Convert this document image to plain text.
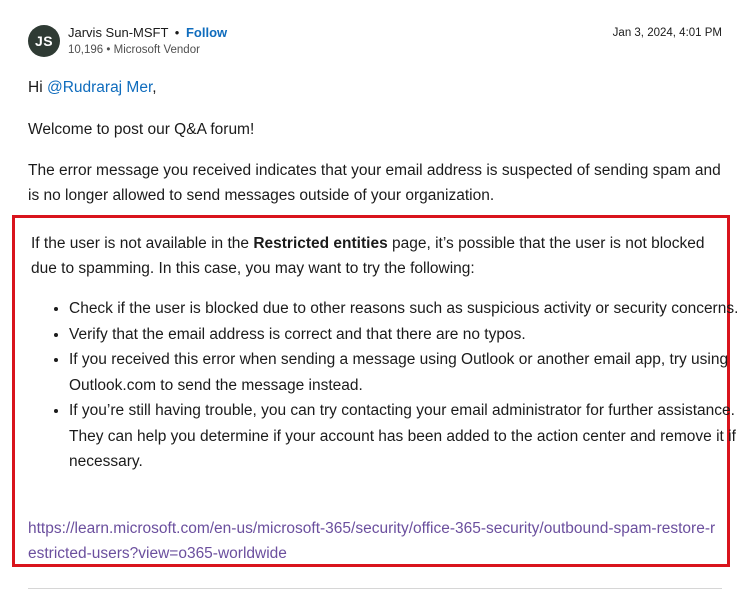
JS
Jarvis Sun-MSFT • Follow
10,196 • Microsoft Vendor
Jan 3, 2024, 4:01 PM

Hi @Rudraraj Mer,

Welcome to post our Q&A forum!

The error message you received indicates that your email address is suspected of sending spam and is no longer allowed to send messages outside of your organization.

If the user is not available in the Restricted entities page, it’s possible that the user is not blocked due to spamming. In this case, you may want to try the following:

• Check if the user is blocked due to other reasons such as suspicious activity or security concerns.
• Verify that the email address is correct and that there are no typos.
• If you received this error when sending a message using Outlook or another email app, try using Outlook.com to send the message instead.
• If you’re still having trouble, you can try contacting your email administrator for further assistance. They can help you determine if your account has been added to the action center and remove it if necessary.
https://learn.microsoft.com/en-us/microsoft-365/security/office-365-security/outbound-spam-restore-restricted-users?view=o365-worldwide
